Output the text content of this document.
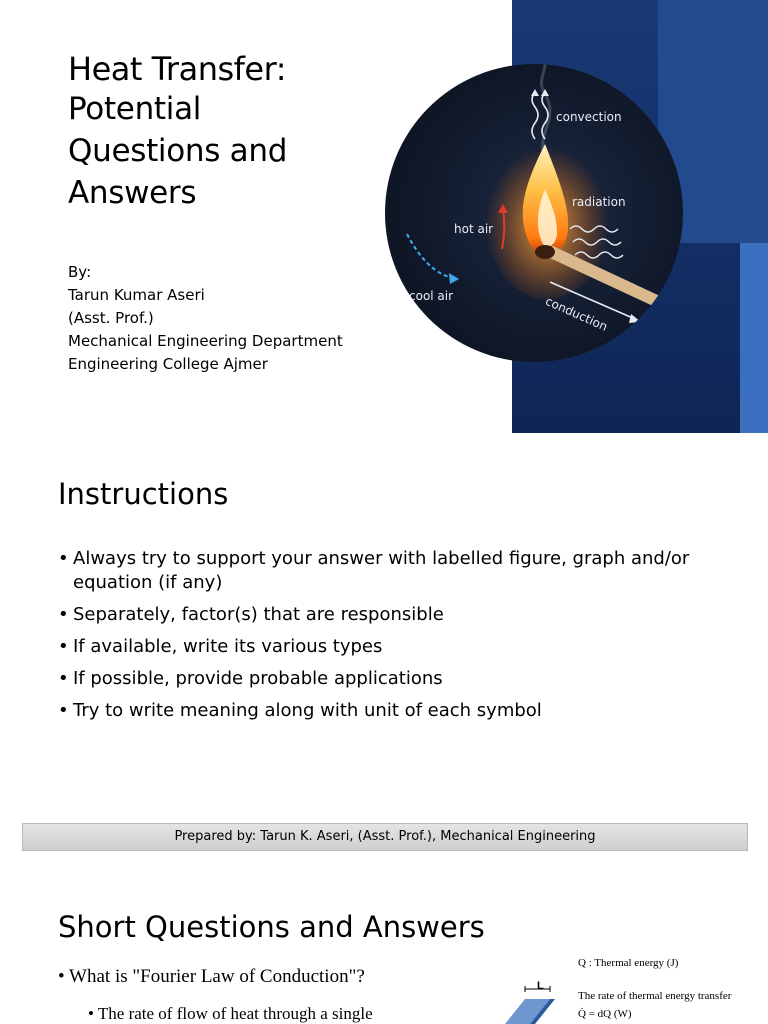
Heat Transfer:
Potential Questions and Answers
By:
Tarun Kumar Aseri
(Asst. Prof.)
Mechanical Engineering Department
Engineering College Ajmer
convection
radiation
hot air
cool air	conduction
Instructions
• Always try to support your answer with labelled figure, graph and/or equation (if any)
• Separately, factor(s) that are responsible
• If available, write its various types
• If possible, provide probable applications
• Try to write meaning along with unit of each symbol
Prepared by: Tarun K. Aseri, (Asst. Prof.), Mechanical Engineering
Short Questions and Answers
• What is "Fourier Law of Conduction"?
• The rate of flow of heat through a single
Q : Thermal energy (J)
The rate of thermal energy transfer
Q̇ = dQ (W)
L
